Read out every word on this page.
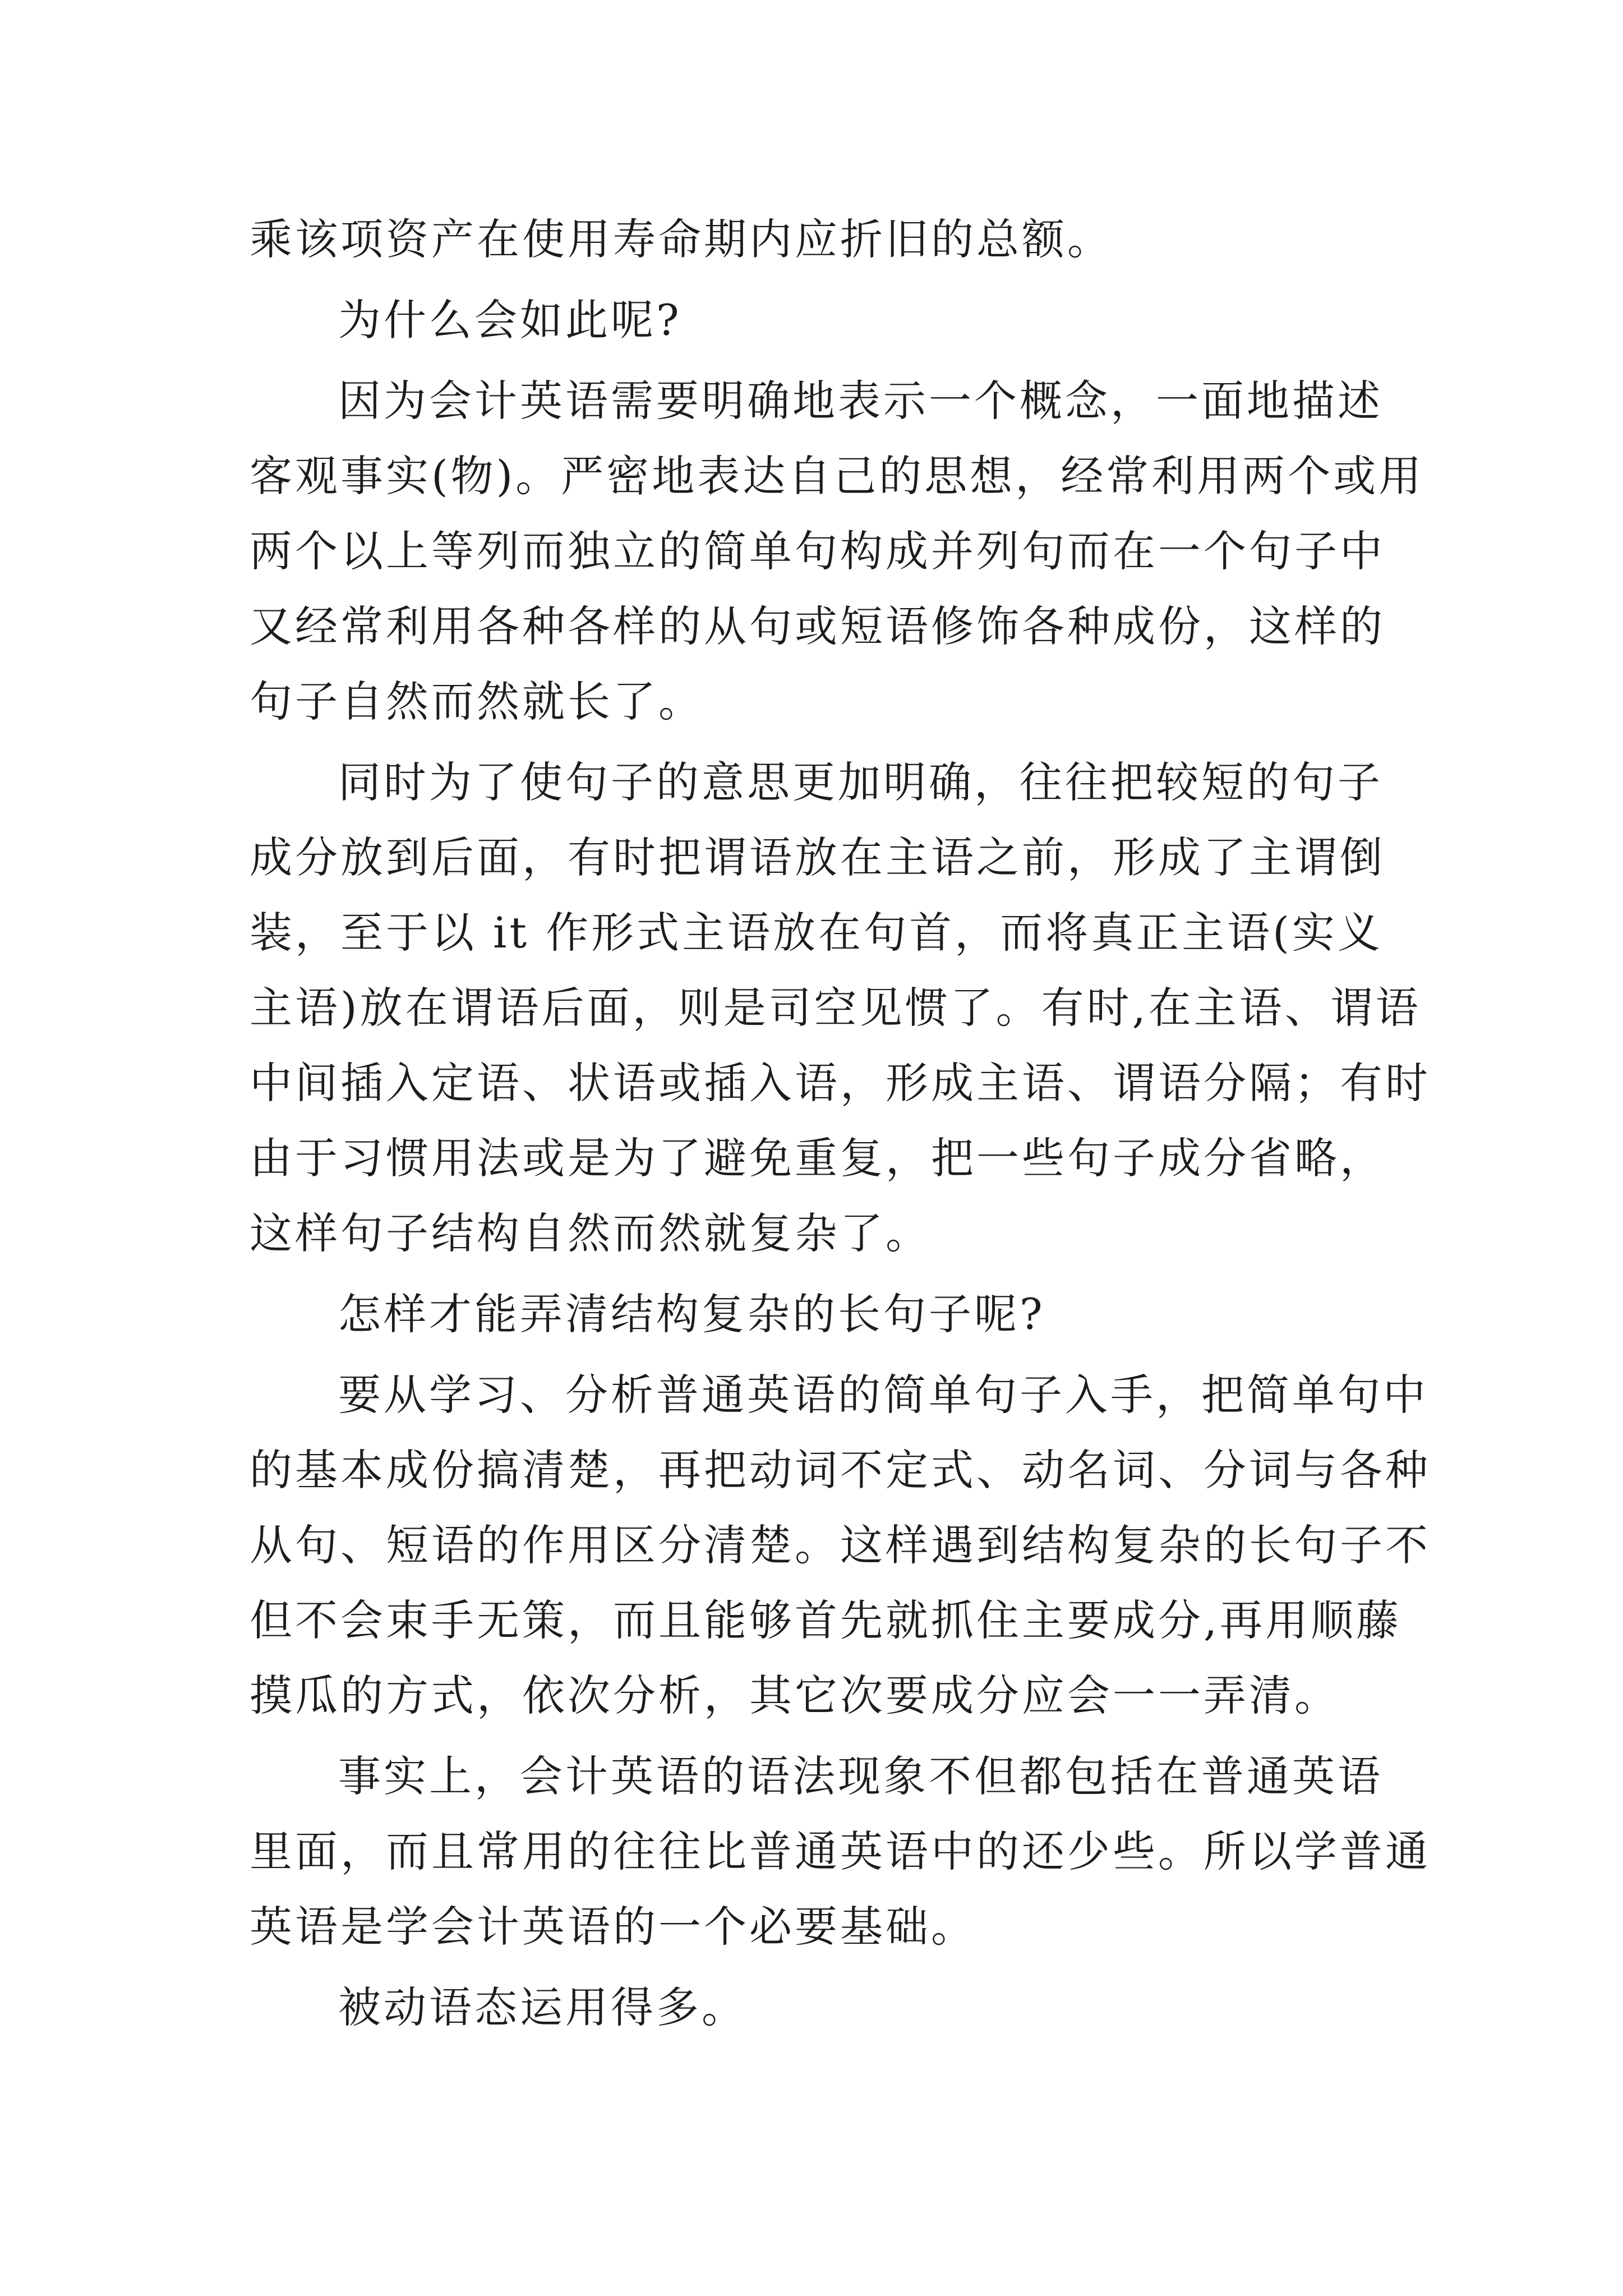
乘该项资产在使用寿命期内应折旧的总额。

为什么会如此呢?

因为会计英语需要明确地表示一个概念，一面地描述
客观事实(物)。严密地表达自己的思想，经常利用两个或用
两个以上等列而独立的简单句构成并列句而在一个句子中
又经常利用各种各样的从句或短语修饰各种成份，这样的
句子自然而然就长了。

同时为了使句子的意思更加明确，往往把较短的句子
成分放到后面，有时把谓语放在主语之前，形成了主谓倒
装，至于以 it 作形式主语放在句首，而将真正主语(实义
主语)放在谓语后面，则是司空见惯了。有时,在主语、谓语
中间插入定语、状语或插入语，形成主语、谓语分隔；有时
由于习惯用法或是为了避免重复，把一些句子成分省略，
这样句子结构自然而然就复杂了。

怎样才能弄清结构复杂的长句子呢?

要从学习、分析普通英语的简单句子入手，把简单句中
的基本成份搞清楚，再把动词不定式、动名词、分词与各种
从句、短语的作用区分清楚。这样遇到结构复杂的长句子不
但不会束手无策，而且能够首先就抓住主要成分,再用顺藤
摸瓜的方式，依次分析，其它次要成分应会一一弄清。

事实上，会计英语的语法现象不但都包括在普通英语
里面，而且常用的往往比普通英语中的还少些。所以学普通
英语是学会计英语的一个必要基础。

被动语态运用得多。
